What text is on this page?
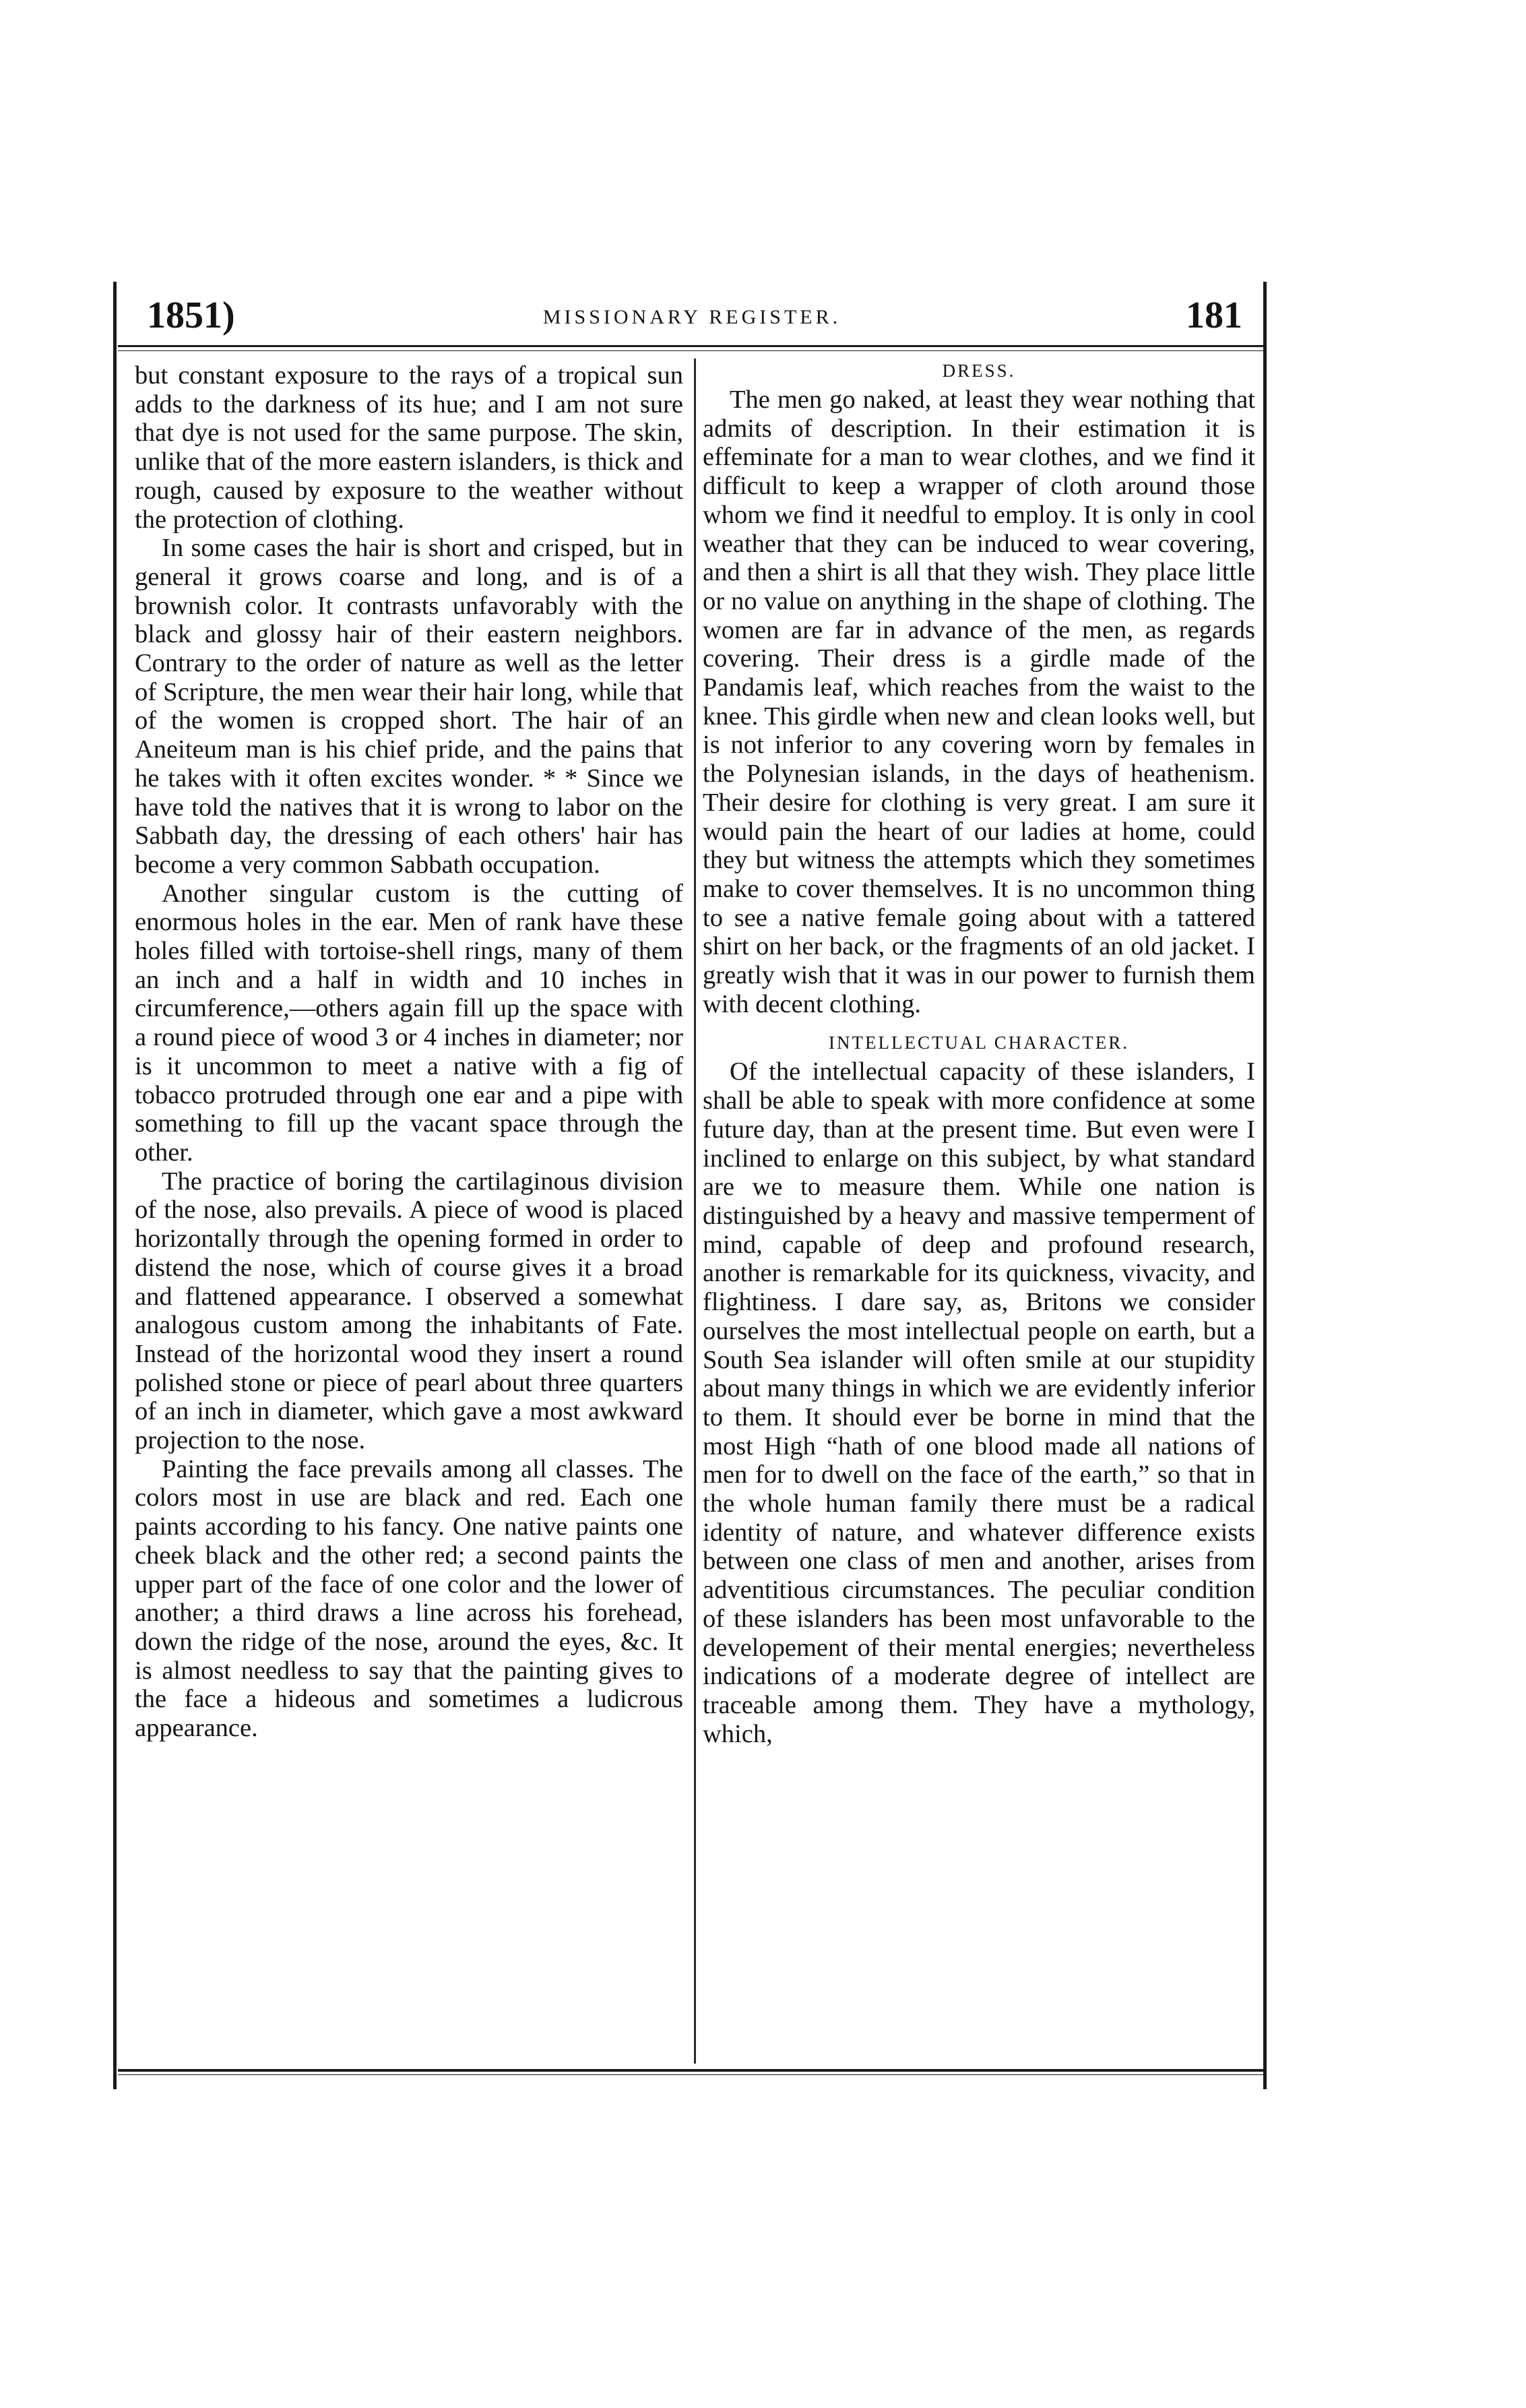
1851)	MISSIONARY REGISTER.	181

but constant exposure to the rays of a tropical sun adds to the darkness of its hue; and I am not sure that dye is not used for the same purpose. The skin, unlike that of the more eastern islanders, is thick and rough, caused by exposure to the weather without the protection of clothing.

In some cases the hair is short and crisped, but in general it grows coarse and long, and is of a brownish color. It contrasts unfavorably with the black and glossy hair of their eastern neighbors. Contrary to the order of nature as well as the letter of Scripture, the men wear their hair long, while that of the women is cropped short. The hair of an Aneiteum man is his chief pride, and the pains that he takes with it often excites wonder. * * Since we have told the natives that it is wrong to labor on the Sabbath day, the dressing of each others' hair has become a very common Sabbath occupation.

Another singular custom is the cutting of enormous holes in the ear. Men of rank have these holes filled with tortoise-shell rings, many of them an inch and a half in width and 10 inches in circumference,—others again fill up the space with a round piece of wood 3 or 4 inches in diameter; nor is it uncommon to meet a native with a fig of tobacco protruded through one ear and a pipe with something to fill up the vacant space through the other.

The practice of boring the cartilaginous division of the nose, also prevails. A piece of wood is placed horizontally through the opening formed in order to distend the nose, which of course gives it a broad and flattened appearance. I observed a somewhat analogous custom among the inhabitants of Fate. Instead of the horizontal wood they insert a round polished stone or piece of pearl about three quarters of an inch in diameter, which gave a most awkward projection to the nose.

Painting the face prevails among all classes. The colors most in use are black and red. Each one paints according to his fancy. One native paints one cheek black and the other red; a second paints the upper part of the face of one color and the lower of another; a third draws a line across his forehead, down the ridge of the nose, around the eyes, &c. It is almost needless to say that the painting gives to the face a hideous and sometimes a ludicrous appearance.

DRESS.

The men go naked, at least they wear nothing that admits of description. In their estimation it is effeminate for a man to wear clothes, and we find it difficult to keep a wrapper of cloth around those whom we find it needful to employ. It is only in cool weather that they can be induced to wear covering, and then a shirt is all that they wish. They place little or no value on anything in the shape of clothing. The women are far in advance of the men, as regards covering. Their dress is a girdle made of the Pandamis leaf, which reaches from the waist to the knee. This girdle when new and clean looks well, but is not inferior to any covering worn by females in the Polynesian islands, in the days of heathenism. Their desire for clothing is very great. I am sure it would pain the heart of our ladies at home, could they but witness the attempts which they sometimes make to cover themselves. It is no uncommon thing to see a native female going about with a tattered shirt on her back, or the fragments of an old jacket. I greatly wish that it was in our power to furnish them with decent clothing.

INTELLECTUAL CHARACTER.

Of the intellectual capacity of these islanders, I shall be able to speak with more confidence at some future day, than at the present time. But even were I inclined to enlarge on this subject, by what standard are we to measure them. While one nation is distinguished by a heavy and massive temperment of mind, capable of deep and profound research, another is remarkable for its quickness, vivacity, and flightiness. I dare say, as, Britons we consider ourselves the most intellectual people on earth, but a South Sea islander will often smile at our stupidity about many things in which we are evidently inferior to them. It should ever be borne in mind that the most High “hath of one blood made all nations of men for to dwell on the face of the earth,” so that in the whole human family there must be a radical identity of nature, and whatever difference exists between one class of men and another, arises from adventitious circumstances. The peculiar condition of these islanders has been most unfavorable to the developement of their mental energies; nevertheless indications of a moderate degree of intellect are traceable among them. They have a mythology, which,
